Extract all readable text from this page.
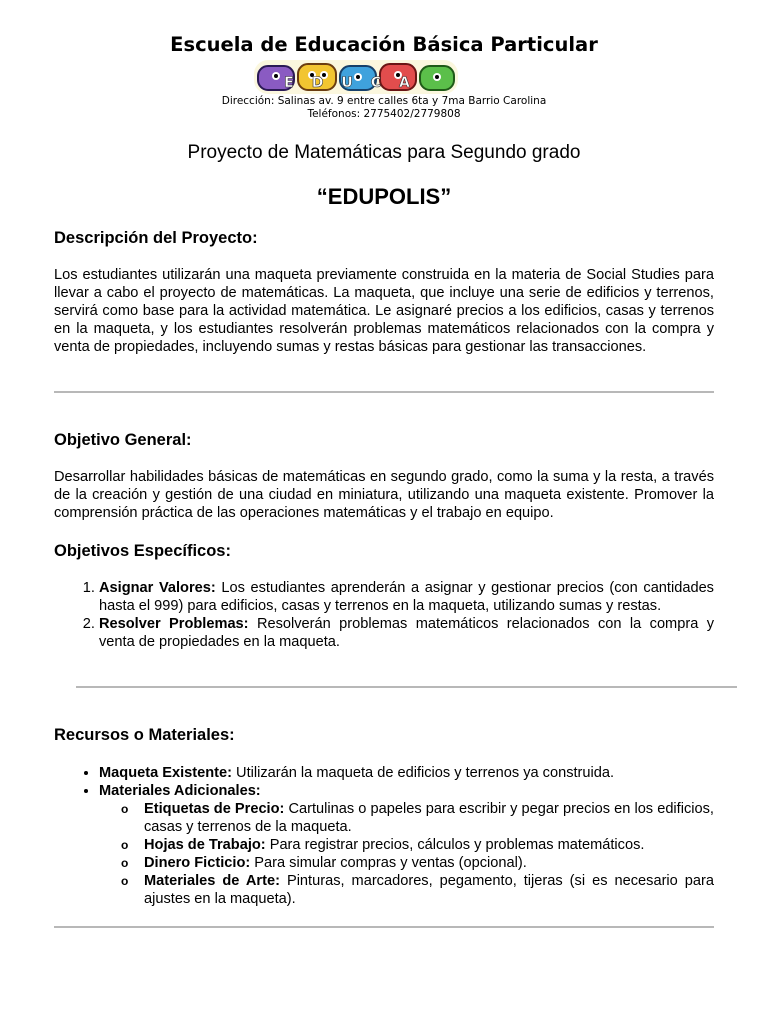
Escuela de Educación Básica Particular
EDUCA
Dirección: Salinas av. 9 entre calles 6ta y 7ma Barrio Carolina
Teléfonos: 2775402/2779808
Proyecto de Matemáticas para Segundo grado
“EDUPOLIS”
Descripción del Proyecto:
Los estudiantes utilizarán una maqueta previamente construida en la materia de Social Studies para llevar a cabo el proyecto de matemáticas. La maqueta, que incluye una serie de edificios y terrenos, servirá como base para la actividad matemática. Le asignaré precios a los edificios, casas y terrenos en la maqueta, y los estudiantes resolverán problemas matemáticos relacionados con la compra y venta de propiedades, incluyendo sumas y restas básicas para gestionar las transacciones.
Objetivo General:
Desarrollar habilidades básicas de matemáticas en segundo grado, como la suma y la resta, a través de la creación y gestión de una ciudad en miniatura, utilizando una maqueta existente. Promover la comprensión práctica de las operaciones matemáticas y el trabajo en equipo.
Objetivos Específicos:
1. Asignar Valores: Los estudiantes aprenderán a asignar y gestionar precios (con cantidades hasta el 999) para edificios, casas y terrenos en la maqueta, utilizando sumas y restas.
2. Resolver Problemas: Resolverán problemas matemáticos relacionados con la compra y venta de propiedades en la maqueta.
Recursos o Materiales:
• Maqueta Existente: Utilizarán la maqueta de edificios y terrenos ya construida.
• Materiales Adicionales:
o Etiquetas de Precio: Cartulinas o papeles para escribir y pegar precios en los edificios, casas y terrenos de la maqueta.
o Hojas de Trabajo: Para registrar precios, cálculos y problemas matemáticos.
o Dinero Ficticio: Para simular compras y ventas (opcional).
o Materiales de Arte: Pinturas, marcadores, pegamento, tijeras (si es necesario para ajustes en la maqueta).
